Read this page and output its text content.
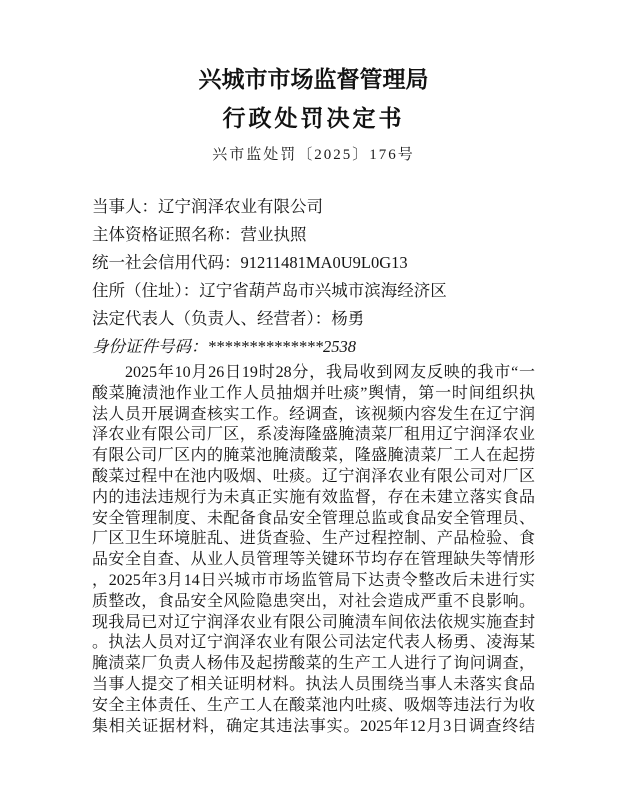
兴城市市场监督管理局
行政处罚决定书
兴市监处罚〔2025〕176号
当事人：辽宁润泽农业有限公司
主体资格证照名称：营业执照
统一社会信用代码：91211481MA0U9L0G13
住所（住址）：辽宁省葫芦岛市兴城市滨海经济区
法定代表人（负责人、经营者）：杨勇
身份证件号码：**************2538
2025年10月26日19时28分，我局收到网友反映的我市“一
酸菜腌渍池作业工作人员抽烟并吐痰”舆情，第一时间组织执
法人员开展调查核实工作。经调查，该视频内容发生在辽宁润
泽农业有限公司厂区，系凌海隆盛腌渍菜厂租用辽宁润泽农业
有限公司厂区内的腌菜池腌渍酸菜，隆盛腌渍菜厂工人在起捞
酸菜过程中在池内吸烟、吐痰。辽宁润泽农业有限公司对厂区
内的违法违规行为未真正实施有效监督，存在未建立落实食品
安全管理制度、未配备食品安全管理总监或食品安全管理员、
厂区卫生环境脏乱、进货查验、生产过程控制、产品检验、食
品安全自查、从业人员管理等关键环节均存在管理缺失等情形
，2025年3月14日兴城市市场监管局下达责令整改后未进行实
质整改，食品安全风险隐患突出，对社会造成严重不良影响。
现我局已对辽宁润泽农业有限公司腌渍车间依法依规实施查封
。执法人员对辽宁润泽农业有限公司法定代表人杨勇、凌海某
腌渍菜厂负责人杨伟及起捞酸菜的生产工人进行了询问调查，
当事人提交了相关证明材料。执法人员围绕当事人未落实食品
安全主体责任、生产工人在酸菜池内吐痰、吸烟等违法行为收
集相关证据材料，确定其违法事实。2025年12月3日调查终结
